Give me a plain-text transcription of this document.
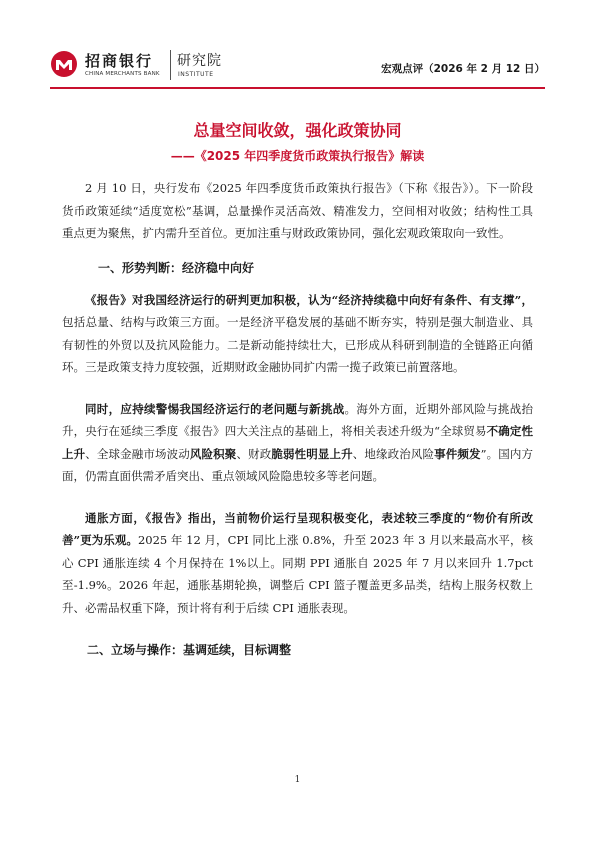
招商银行
CHINA MERCHANTS BANK
研究院
INSTITUTE	宏观点评（2026 年 2 月 12 日）
总量空间收敛，强化政策协同
——《2025 年四季度货币政策执行报告》解读

2 月 10 日，央行发布《2025 年四季度货币政策执行报告》（下称《报告》）。下一阶段货币政策延续“适度宽松”基调，总量操作灵活高效、精准发力，空间相对收敛；结构性工具重点更为聚焦，扩内需升至首位。更加注重与财政政策协同，强化宏观政策取向一致性。

一、形势判断：经济稳中向好

《报告》对我国经济运行的研判更加积极，认为“经济持续稳中向好有条件、有支撑”，包括总量、结构与政策三方面。一是经济平稳发展的基础不断夯实，特别是强大制造业、具有韧性的外贸以及抗风险能力。二是新动能持续壮大，已形成从科研到制造的全链路正向循环。三是政策支持力度较强，近期财政金融协同扩内需一揽子政策已前置落地。

同时，应持续警惕我国经济运行的老问题与新挑战。海外方面，近期外部风险与挑战抬升，央行在延续三季度《报告》四大关注点的基础上，将相关表述升级为“全球贸易不确定性上升、全球金融市场波动风险积聚、财政脆弱性明显上升、地缘政治风险事件频发”。国内方面，仍需直面供需矛盾突出、重点领域风险隐患较多等老问题。

通胀方面，《报告》指出，当前物价运行呈现积极变化，表述较三季度的“物价有所改善”更为乐观。2025 年 12 月，CPI 同比上涨 0.8%，升至 2023 年 3 月以来最高水平，核心 CPI 通胀连续 4 个月保持在 1%以上。同期 PPI 通胀自 2025 年 7 月以来回升 1.7pct 至-1.9%。2026 年起，通胀基期轮换，调整后 CPI 篮子覆盖更多品类，结构上服务权数上升、必需品权重下降，预计将有利于后续 CPI 通胀表现。

二、立场与操作：基调延续，目标调整
1
